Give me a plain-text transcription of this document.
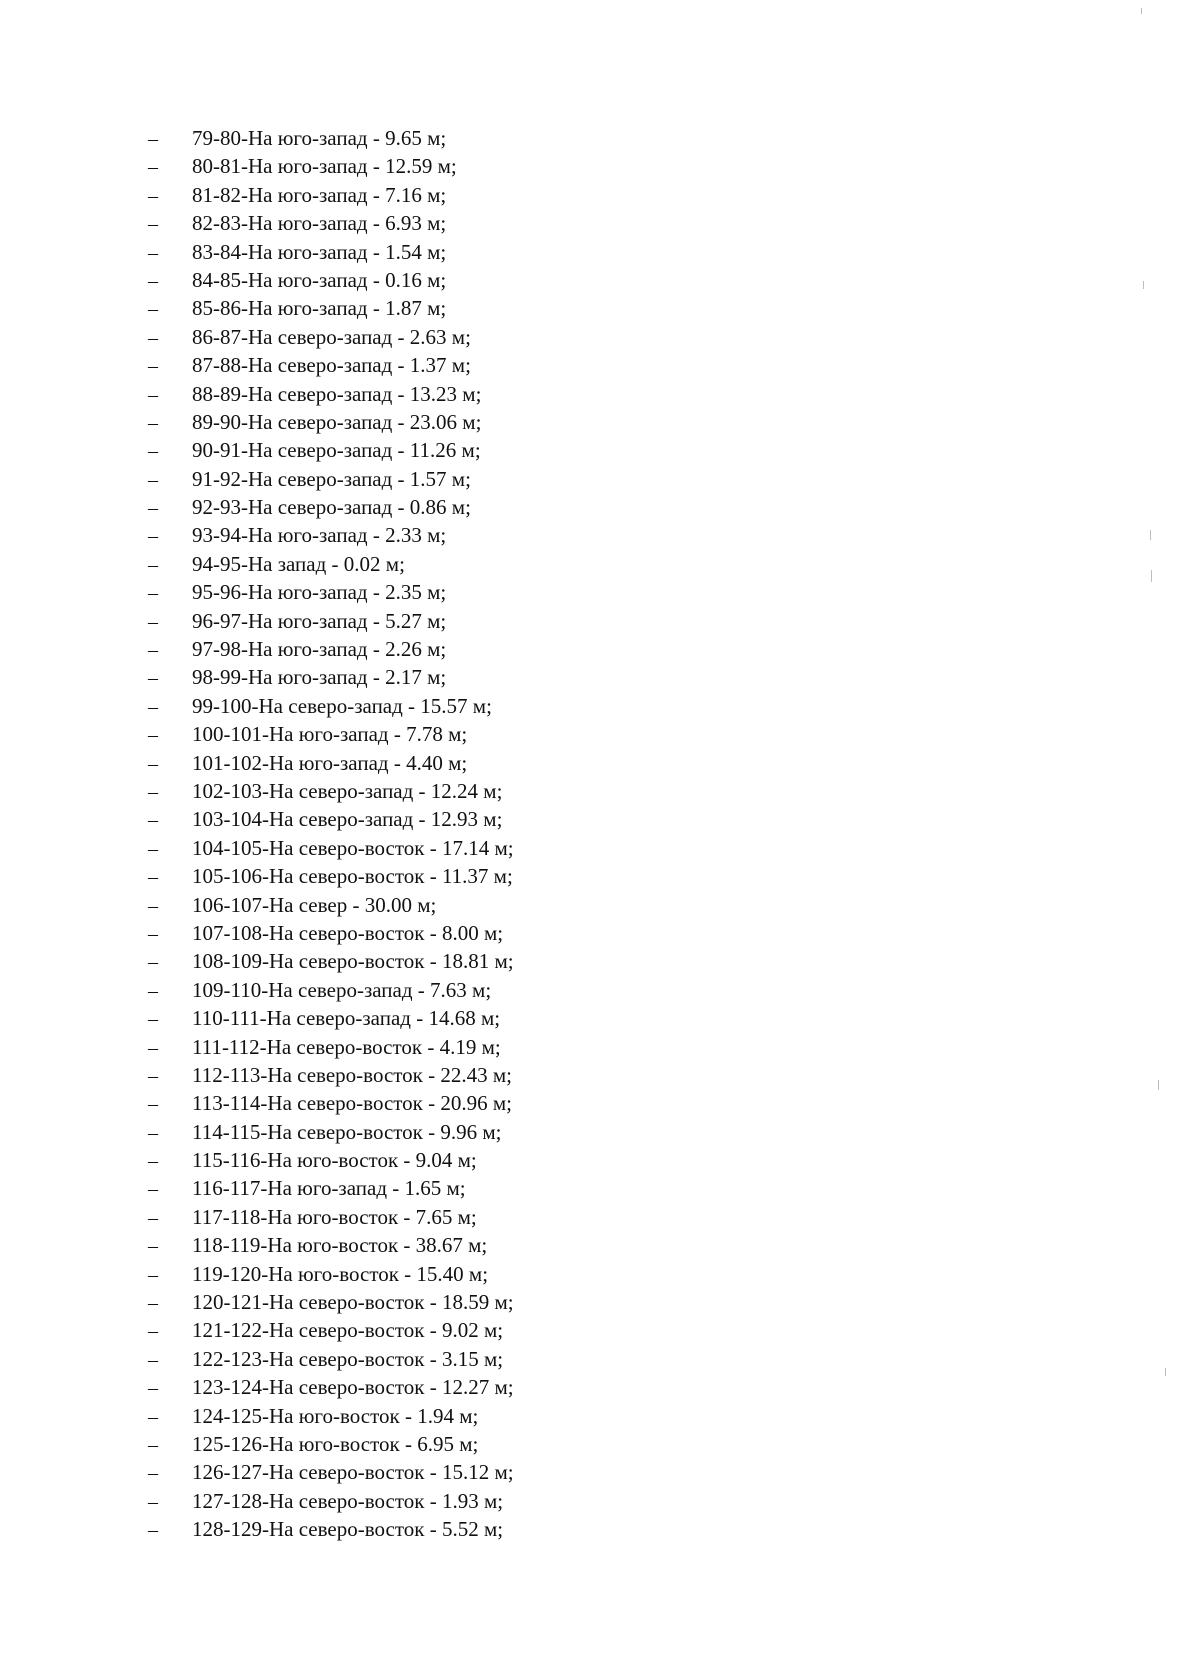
– 79-80-На юго-запад - 9.65 м;
– 80-81-На юго-запад - 12.59 м;
– 81-82-На юго-запад - 7.16 м;
– 82-83-На юго-запад - 6.93 м;
– 83-84-На юго-запад - 1.54 м;
– 84-85-На юго-запад - 0.16 м;
– 85-86-На юго-запад - 1.87 м;
– 86-87-На северо-запад - 2.63 м;
– 87-88-На северо-запад - 1.37 м;
– 88-89-На северо-запад - 13.23 м;
– 89-90-На северо-запад - 23.06 м;
– 90-91-На северо-запад - 11.26 м;
– 91-92-На северо-запад - 1.57 м;
– 92-93-На северо-запад - 0.86 м;
– 93-94-На юго-запад - 2.33 м;
– 94-95-На запад - 0.02 м;
– 95-96-На юго-запад - 2.35 м;
– 96-97-На юго-запад - 5.27 м;
– 97-98-На юго-запад - 2.26 м;
– 98-99-На юго-запад - 2.17 м;
– 99-100-На северо-запад - 15.57 м;
– 100-101-На юго-запад - 7.78 м;
– 101-102-На юго-запад - 4.40 м;
– 102-103-На северо-запад - 12.24 м;
– 103-104-На северо-запад - 12.93 м;
– 104-105-На северо-восток - 17.14 м;
– 105-106-На северо-восток - 11.37 м;
– 106-107-На север - 30.00 м;
– 107-108-На северо-восток - 8.00 м;
– 108-109-На северо-восток - 18.81 м;
– 109-110-На северо-запад - 7.63 м;
– 110-111-На северо-запад - 14.68 м;
– 111-112-На северо-восток - 4.19 м;
– 112-113-На северо-восток - 22.43 м;
– 113-114-На северо-восток - 20.96 м;
– 114-115-На северо-восток - 9.96 м;
– 115-116-На юго-восток - 9.04 м;
– 116-117-На юго-запад - 1.65 м;
– 117-118-На юго-восток - 7.65 м;
– 118-119-На юго-восток - 38.67 м;
– 119-120-На юго-восток - 15.40 м;
– 120-121-На северо-восток - 18.59 м;
– 121-122-На северо-восток - 9.02 м;
– 122-123-На северо-восток - 3.15 м;
– 123-124-На северо-восток - 12.27 м;
– 124-125-На юго-восток - 1.94 м;
– 125-126-На юго-восток - 6.95 м;
– 126-127-На северо-восток - 15.12 м;
– 127-128-На северо-восток - 1.93 м;
– 128-129-На северо-восток - 5.52 м;
